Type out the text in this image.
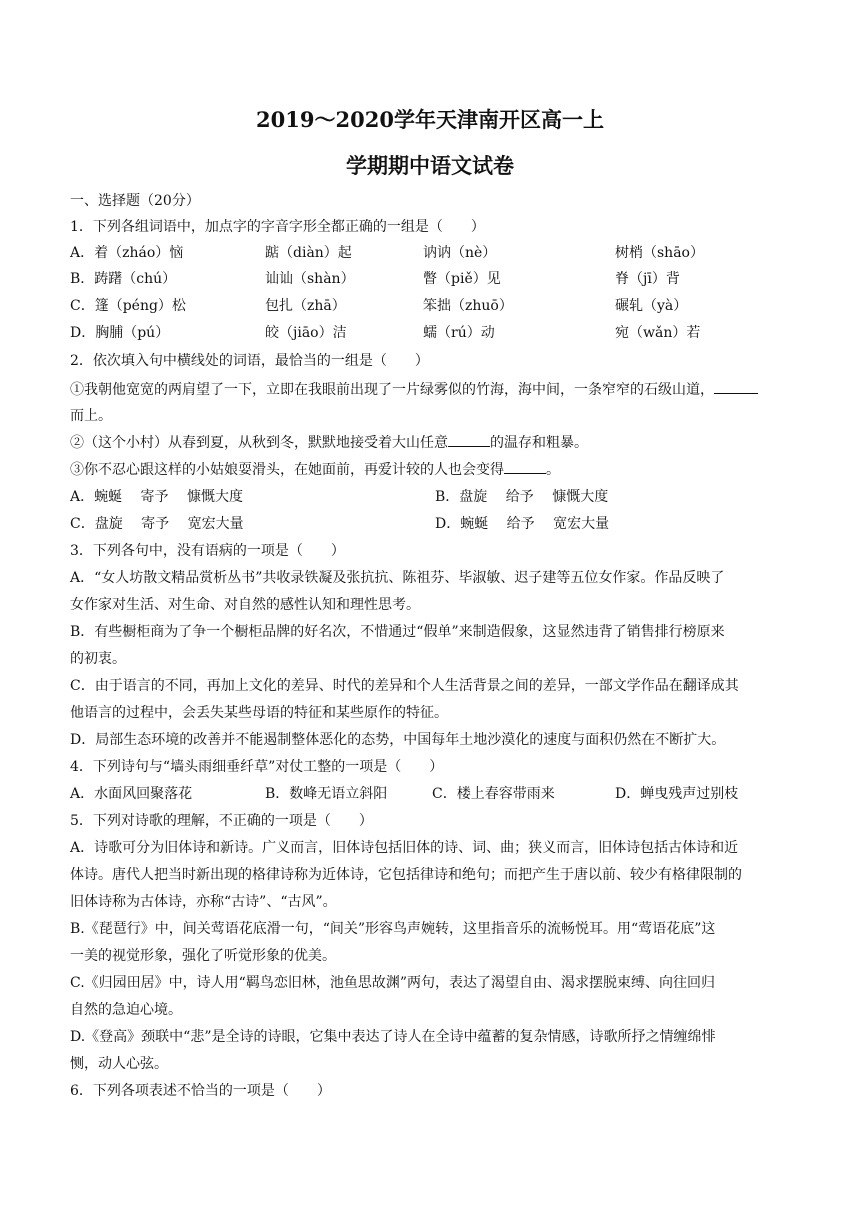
2019～2020学年天津南开区高一上
学期期中语文试卷
一、选择题（20分）
1．下列各组词语中，加点字的字音字形全都正确的一组是（　　）
A．着（zháo）恼	踮（diàn）起	讷讷（nè）	树梢（shāo）
B．踌躇（chú）	讪讪（shàn）	瞥（piě）见	脊（jī）背
C．篷（péng）松	包扎（zhā）	笨拙（zhuō）	碾轧（yà）
D．胸脯（pú）	皎（jiāo）洁	蠕（rú）动	宛（wǎn）若
2．依次填入句中横线处的词语，最恰当的一组是（　　）
①我朝他宽宽的两肩望了一下，立即在我眼前出现了一片绿雾似的竹海，海中间，一条窄窄的石级山道，
而上。
②（这个小村）从春到夏，从秋到冬，默默地接受着大山任意	的温存和粗暴。
③你不忍心跟这样的小姑娘耍滑头，在她面前，再爱计较的人也会变得	。
A．蜿蜒　 寄予　 慷慨大度	B．盘旋　 给予　 慷慨大度
C．盘旋　 寄予　 宽宏大量	D．蜿蜒　 给予　 宽宏大量
3．下列各句中，没有语病的一项是（　　）
A．“女人坊散文精品赏析丛书”共收录铁凝及张抗抗、陈祖芬、毕淑敏、迟子建等五位女作家。作品反映了
女作家对生活、对生命、对自然的感性认知和理性思考。
B．有些橱柜商为了争一个橱柜品牌的好名次，不惜通过“假单”来制造假象，这显然违背了销售排行榜原来
的初衷。
C．由于语言的不同，再加上文化的差异、时代的差异和个人生活背景之间的差异，一部文学作品在翻译成其
他语言的过程中，会丢失某些母语的特征和某些原作的特征。
D．局部生态环境的改善并不能遏制整体恶化的态势，中国每年土地沙漠化的速度与面积仍然在不断扩大。
4．下列诗句与“墙头雨细垂纤草”对仗工整的一项是（　　）
A．水面风回聚落花	B．数峰无语立斜阳	C．楼上春容带雨来	D．蝉曳残声过别枝
5．下列对诗歌的理解，不正确的一项是（　　）
A．诗歌可分为旧体诗和新诗。广义而言，旧体诗包括旧体的诗、词、曲；狭义而言，旧体诗包括古体诗和近
体诗。唐代人把当时新出现的格律诗称为近体诗，它包括律诗和绝句；而把产生于唐以前、较少有格律限制的
旧体诗称为古体诗，亦称“古诗”、“古风”。
B.《琵琶行》中，间关莺语花底滑一句，“间关”形容鸟声婉转，这里指音乐的流畅悦耳。用“莺语花底”这
一美的视觉形象，强化了听觉形象的优美。
C.《归园田居》中，诗人用“羁鸟恋旧林，池鱼思故渊”两句，表达了渴望自由、渴求摆脱束缚、向往回归
自然的急迫心境。
D.《登高》颈联中“悲”是全诗的诗眼，它集中表达了诗人在全诗中蕴蓄的复杂情感，诗歌所抒之情缠绵悱
恻，动人心弦。
6．下列各项表述不恰当的一项是（　　）
